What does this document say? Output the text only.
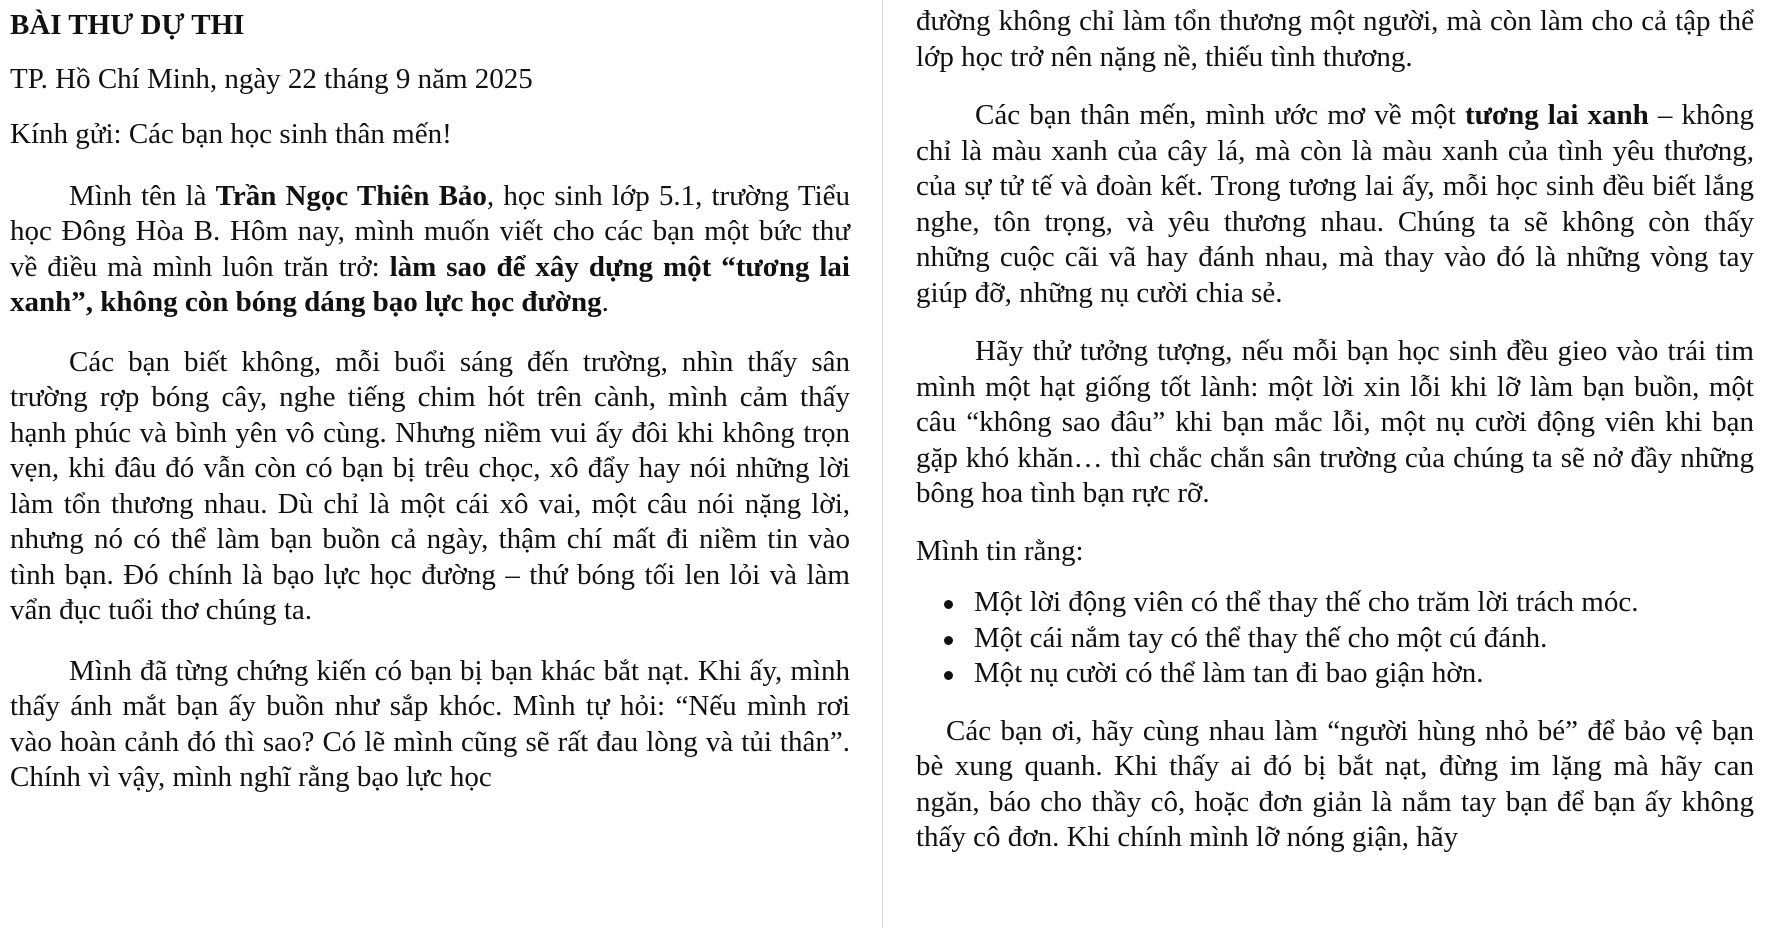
BÀI THƯ DỰ THI

TP. Hồ Chí Minh, ngày 22 tháng 9 năm 2025

Kính gửi: Các bạn học sinh thân mến!

Mình tên là Trần Ngọc Thiên Bảo, học sinh lớp 5.1, trường Tiểu học Đông Hòa B. Hôm nay, mình muốn viết cho các bạn một bức thư về điều mà mình luôn trăn trở: làm sao để xây dựng một “tương lai xanh”, không còn bóng dáng bạo lực học đường.

Các bạn biết không, mỗi buổi sáng đến trường, nhìn thấy sân trường rợp bóng cây, nghe tiếng chim hót trên cành, mình cảm thấy hạnh phúc và bình yên vô cùng. Nhưng niềm vui ấy đôi khi không trọn vẹn, khi đâu đó vẫn còn có bạn bị trêu chọc, xô đẩy hay nói những lời làm tổn thương nhau. Dù chỉ là một cái xô vai, một câu nói nặng lời, nhưng nó có thể làm bạn buồn cả ngày, thậm chí mất đi niềm tin vào tình bạn. Đó chính là bạo lực học đường – thứ bóng tối len lỏi và làm vẩn đục tuổi thơ chúng ta.

Mình đã từng chứng kiến có bạn bị bạn khác bắt nạt. Khi ấy, mình thấy ánh mắt bạn ấy buồn như sắp khóc. Mình tự hỏi: “Nếu mình rơi vào hoàn cảnh đó thì sao? Có lẽ mình cũng sẽ rất đau lòng và tủi thân”. Chính vì vậy, mình nghĩ rằng bạo lực học

đường không chỉ làm tổn thương một người, mà còn làm cho cả tập thể lớp học trở nên nặng nề, thiếu tình thương.

Các bạn thân mến, mình ước mơ về một tương lai xanh – không chỉ là màu xanh của cây lá, mà còn là màu xanh của tình yêu thương, của sự tử tế và đoàn kết. Trong tương lai ấy, mỗi học sinh đều biết lắng nghe, tôn trọng, và yêu thương nhau. Chúng ta sẽ không còn thấy những cuộc cãi vã hay đánh nhau, mà thay vào đó là những vòng tay giúp đỡ, những nụ cười chia sẻ.

Hãy thử tưởng tượng, nếu mỗi bạn học sinh đều gieo vào trái tim mình một hạt giống tốt lành: một lời xin lỗi khi lỡ làm bạn buồn, một câu “không sao đâu” khi bạn mắc lỗi, một nụ cười động viên khi bạn gặp khó khăn… thì chắc chắn sân trường của chúng ta sẽ nở đầy những bông hoa tình bạn rực rỡ.

Mình tin rằng:

Một lời động viên có thể thay thế cho trăm lời trách móc.
Một cái nắm tay có thể thay thế cho một cú đánh.
Một nụ cười có thể làm tan đi bao giận hờn.

Các bạn ơi, hãy cùng nhau làm “người hùng nhỏ bé” để bảo vệ bạn bè xung quanh. Khi thấy ai đó bị bắt nạt, đừng im lặng mà hãy can ngăn, báo cho thầy cô, hoặc đơn giản là nắm tay bạn để bạn ấy không thấy cô đơn. Khi chính mình lỡ nóng giận, hãy
